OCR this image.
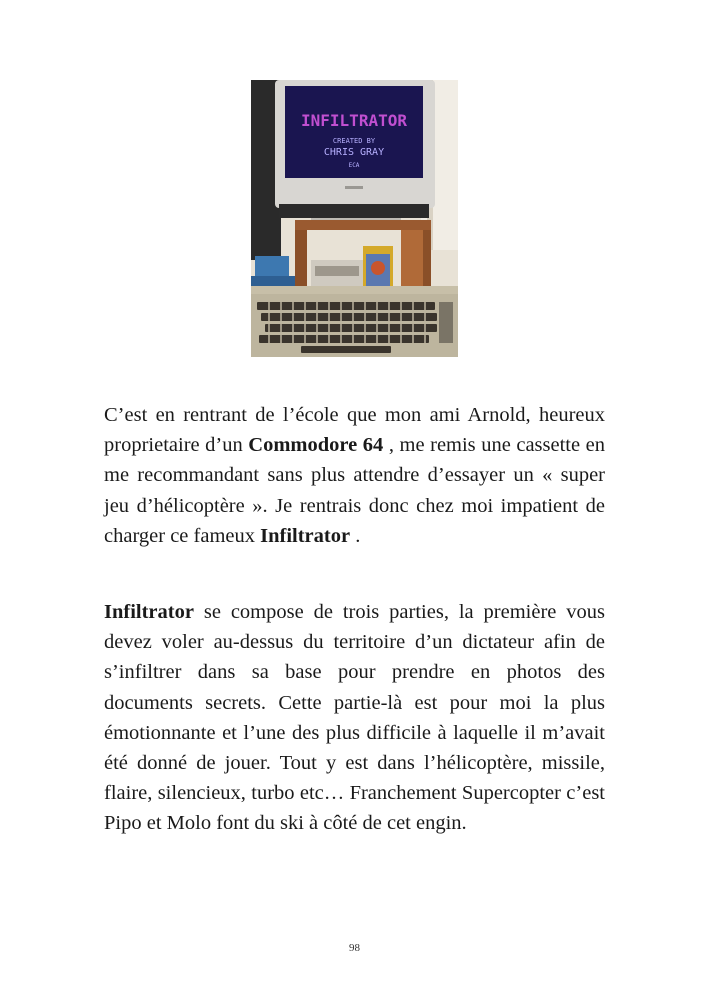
INFILTRATOR
CREATED BY
CHRIS GRAY
ECA

C’est en rentrant de l’école que mon ami Arnold, heureux proprietaire d’un Commodore 64 , me remis une cassette en me recommandant sans plus attendre d’essayer un « super jeu d’hélicoptère ». Je rentrais donc chez moi impatient de charger ce fameux Infiltrator .

Infiltrator se compose de trois parties, la première vous devez voler au-dessus du territoire d’un dictateur afin de s’infiltrer dans sa base pour prendre en photos des documents secrets. Cette partie-là est pour moi la plus émotionnante et l’une des plus difficile à laquelle il m’avait été donné de jouer. Tout y est dans l’hélicoptère, missile, flaire, silencieux, turbo etc… Franchement Supercopter c’est Pipo et Molo font du ski à côté de cet engin.

98
